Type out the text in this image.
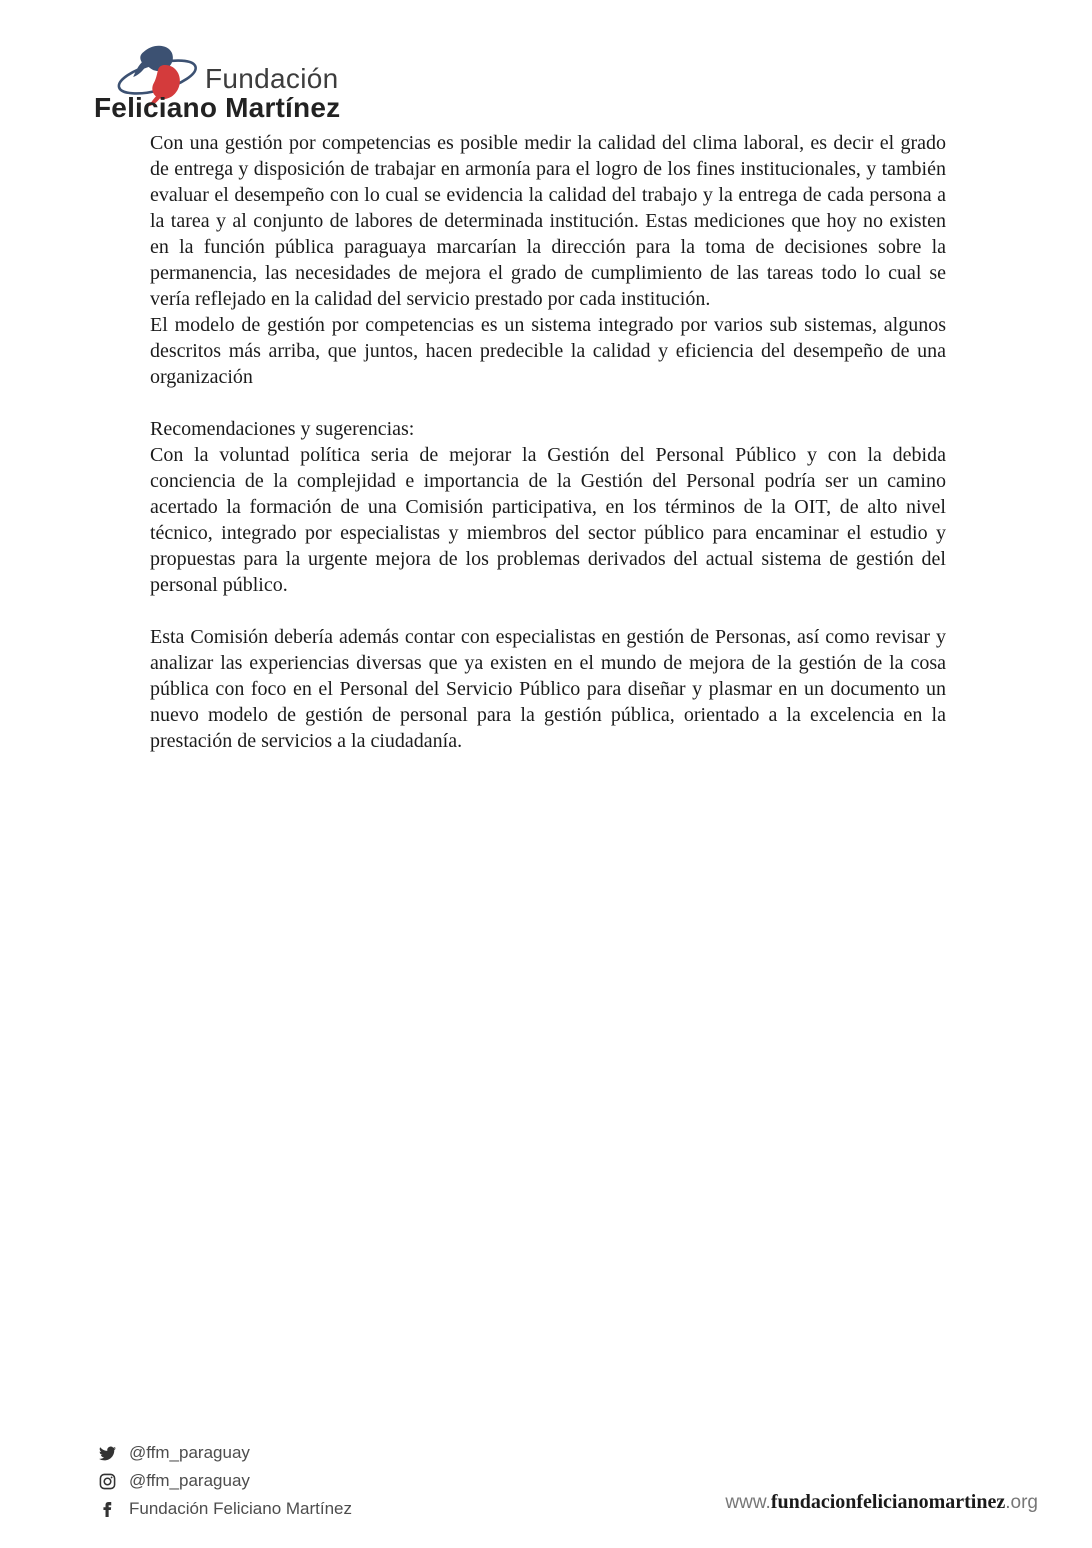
Fundación
Feliciano Martínez

Con una gestión por competencias es posible medir la calidad del clima laboral, es decir el grado de entrega y disposición de trabajar en armonía para el logro de los fines institucionales, y también evaluar el desempeño con lo cual se evidencia la calidad del trabajo y la entrega de cada persona a la tarea y al conjunto de labores de determinada institución. Estas mediciones que hoy no existen en la función pública paraguaya marcarían la dirección para la toma de decisiones sobre la permanencia, las necesidades de mejora el grado de cumplimiento de las tareas todo lo cual se vería reflejado en la calidad del servicio prestado por cada institución.

El modelo de gestión por competencias es un sistema integrado por varios sub sistemas, algunos descritos más arriba, que juntos, hacen predecible la calidad y eficiencia del desempeño de una organización

Recomendaciones y sugerencias:

Con la voluntad política seria de mejorar la Gestión del Personal Público y con la debida conciencia de la complejidad e importancia de la Gestión del Personal podría ser un camino acertado la formación de una Comisión participativa, en los términos de la OIT, de alto nivel técnico, integrado por especialistas y miembros del sector público para encaminar el estudio y propuestas para la urgente mejora de los problemas derivados del actual sistema de gestión del personal público.

Esta Comisión debería además contar con especialistas en gestión de Personas, así como revisar y analizar las experiencias diversas que ya existen en el mundo de mejora de la gestión de la cosa pública con foco en el Personal del Servicio Público para diseñar y plasmar en un documento un nuevo modelo de gestión de personal para la gestión pública, orientado a la excelencia en la prestación de servicios a la ciudadanía.

@ffm_paraguay
@ffm_paraguay
Fundación Feliciano Martínez	www.fundacionfelicianomartinez.org
